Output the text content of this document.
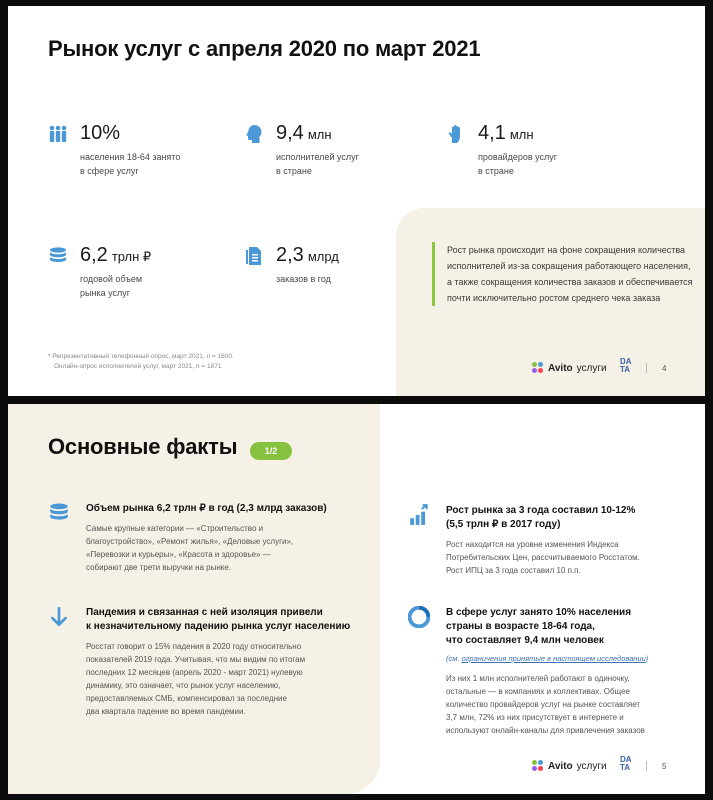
Рынок услуг с апреля 2020 по март 2021
10%
населения 18-64 занято
в сфере услуг
9,4 млн
исполнителей услуг
в стране
4,1 млн
провайдеров услуг
в стране
6,2 трлн ₽
годовой объем
рынка услуг
2,3 млрд
заказов в год
Рост рынка происходит на фоне сокращения количества исполнителей из-за сокращения работающего населения, а также сокращения количества заказов и обеспечивается почти исключительно ростом среднего чека заказа
* Репрезентативный телефонный опрос, март 2021, n = 1600.
Онлайн-опрос исполнителей услуг, март 2021, n = 1871	Avito услуги
DA
TA	4
Основные факты	1/2
Объем рынка 6,2 трлн ₽ в год (2,3 млрд заказов)
Самые крупные категории — «Строительство и
благоустройство», «Ремонт жилья», «Деловые услуги»,
«Перевозки и курьеры», «Красота и здоровье» —
собирают две трети выручки на рынке.
Пандемия и связанная с ней изоляция привели
к незначительному падению рынка услуг населению
Росстат говорит о 15% падения в 2020 году относительно
показателей 2019 года. Учитывая, что мы видим по итогам
последних 12 месяцев (апрель 2020 - март 2021) нулевую
динамику, это означает, что рынок услуг населению,
предоставляемых СМБ, компенсировал за последние
два квартала падение во время пандемии.
Рост рынка за 3 года составил 10-12%
(5,5 трлн ₽ в 2017 году)
Рост находится на уровне изменения Индекса
Потребительских Цен, рассчитываемого Росстатом.
Рост ИПЦ за 3 года составил 10 п.п.
В сфере услуг занято 10% населения
страны в возрасте 18-64 года,
что составляет 9,4 млн человек
(см. ограничения принятые в настоящем исследовании)
Из них 1 млн исполнителей работают в одиночку,
остальные — в компаниях и коллективах. Общее
количество провайдеров услуг на рынке составляет
3,7 млн, 72% из них присутствует в интернете и
используют онлайн-каналы для привлечения заказов
Avito услуги
DA
TA	5
